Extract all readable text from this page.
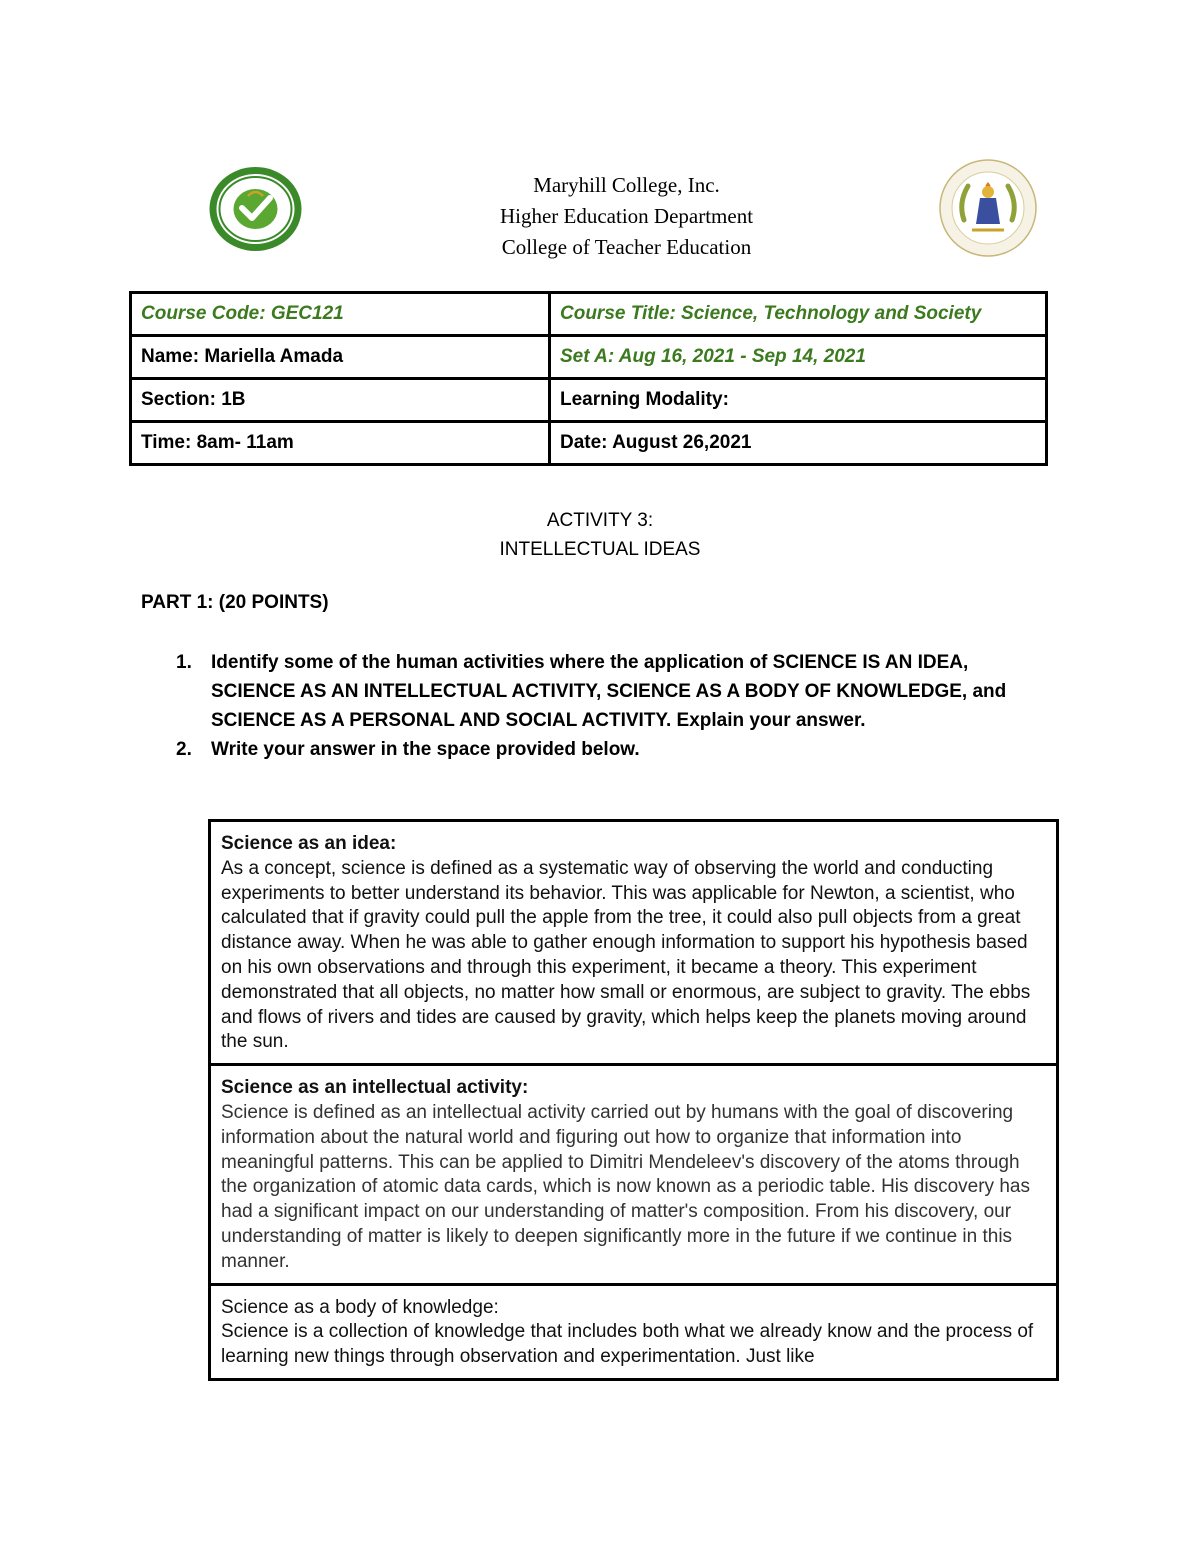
Maryhill College, Inc.
Higher Education Department
College of Teacher Education
Course Code: GEC121	Course Title: Science, Technology and Society
Name: Mariella Amada	Set A: Aug 16, 2021 - Sep 14, 2021
Section: 1B	Learning Modality:
Time: 8am- 11am	Date: August 26,2021
ACTIVITY 3:
INTELLECTUAL IDEAS
PART 1: (20 POINTS)
1. Identify some of the human activities where the application of SCIENCE IS AN IDEA, SCIENCE AS AN INTELLECTUAL ACTIVITY, SCIENCE AS A BODY OF KNOWLEDGE, and SCIENCE AS A PERSONAL AND SOCIAL ACTIVITY. Explain your answer.
2. Write your answer in the space provided below.
Science as an idea:
As a concept, science is defined as a systematic way of observing the world and conducting experiments to better understand its behavior. This was applicable for Newton, a scientist, who calculated that if gravity could pull the apple from the tree, it could also pull objects from a great distance away. When he was able to gather enough information to support his hypothesis based on his own observations and through this experiment, it became a theory. This experiment demonstrated that all objects, no matter how small or enormous, are subject to gravity. The ebbs and flows of rivers and tides are caused by gravity, which helps keep the planets moving around the sun.

Science as an intellectual activity:
Science is defined as an intellectual activity carried out by humans with the goal of discovering information about the natural world and figuring out how to organize that information into meaningful patterns. This can be applied to Dimitri Mendeleev's discovery of the atoms through the organization of atomic data cards, which is now known as a periodic table. His discovery has had a significant impact on our understanding of matter's composition. From his discovery, our understanding of matter is likely to deepen significantly more in the future if we continue in this manner.

Science as a body of knowledge:
Science is a collection of knowledge that includes both what we already know and the process of learning new things through observation and experimentation. Just like
